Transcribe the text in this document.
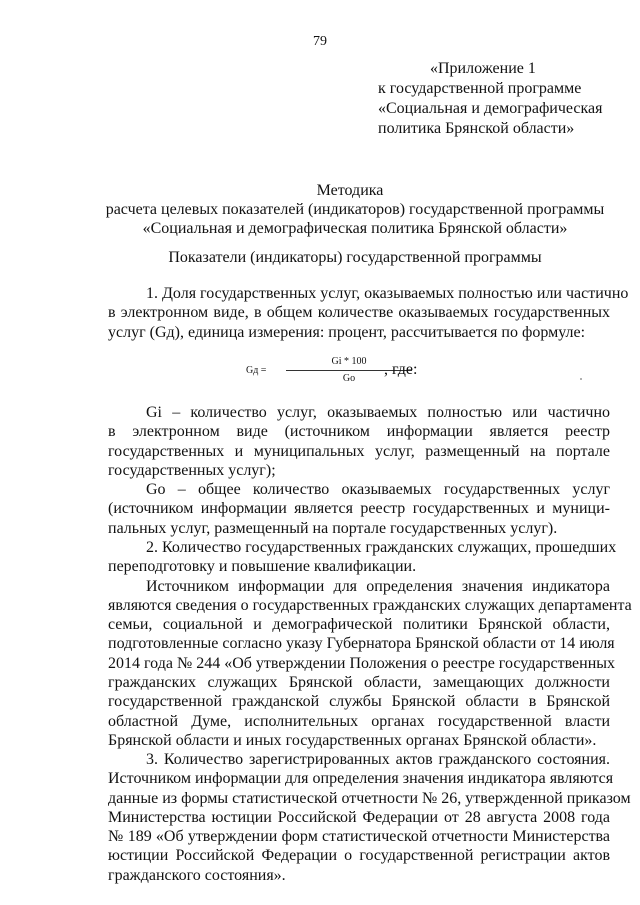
79
«Приложение 1
к государственной программе
«Социальная и демографическая
политика Брянской области»
Методика
расчета целевых показателей (индикаторов) государственной программы
«Социальная и демографическая политика Брянской области»
Показатели (индикаторы) государственной программы
1. Доля государственных услуг, оказываемых полностью или частично
в электронном виде, в общем количестве оказываемых государственных
услуг (Gд), единица измерения: процент, рассчитывается по формуле:
Gд =
Gi * 100
Go
, где:
Gi – количество услуг, оказываемых полностью или частично
в электронном виде (источником информации является реестр
государственных и муниципальных услуг, размещенный на портале
государственных услуг);
Go – общее количество оказываемых государственных услуг
(источником информации является реестр государственных и муници-
пальных услуг, размещенный на портале государственных услуг).
2. Количество государственных гражданских служащих, прошедших
переподготовку и повышение квалификации.
Источником информации для определения значения индикатора
являются сведения о государственных гражданских служащих департамента
семьи, социальной и демографической политики Брянской области,
подготовленные согласно указу Губернатора Брянской области от 14 июля
2014 года № 244 «Об утверждении Положения о реестре государственных
гражданских служащих Брянской области, замещающих должности
государственной гражданской службы Брянской области в Брянской
областной Думе, исполнительных органах государственной власти
Брянской области и иных государственных органах Брянской области».
3. Количество зарегистрированных актов гражданского состояния.
Источником информации для определения значения индикатора являются
данные из формы статистической отчетности № 26, утвержденной приказом
Министерства юстиции Российской Федерации от 28 августа 2008 года
№ 189 «Об утверждении форм статистической отчетности Министерства
юстиции Российской Федерации о государственной регистрации актов
гражданского состояния».
